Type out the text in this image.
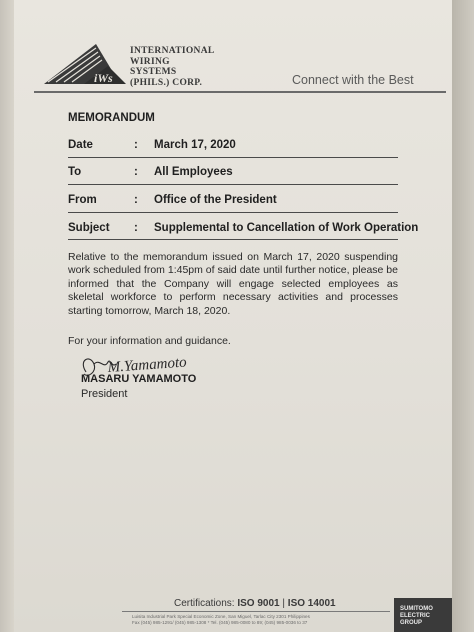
iWs
INTERNATIONAL
WIRING
SYSTEMS
(PHILS.) CORP.	Connect with the Best
MEMORANDUM
Date	: March 17, 2020
To	: All Employees
From	: Office of the President
Subject : Supplemental to Cancellation of Work Operation
Relative to the memorandum issued on March 17, 2020 suspending work scheduled from 1:45pm of said date until further notice, please be informed that the Company will engage selected employees as skeletal workforce to perform necessary activities and processes starting tomorrow, March 18, 2020.
For your information and guidance.
M.Yamamoto
MASARU YAMAMOTO
President
Certifications: ISO 9001 | ISO 14001
Luisita Industrial Park Special Economic Zone, San Miguel, Tarlac City 2301 Philippines
Fax (045) 985-1291/ (045) 985-1308 * Tel. (045) 985-0080 to 89; (045) 985-0036 to 37
SUMITOMO
ELECTRIC
GROUP
